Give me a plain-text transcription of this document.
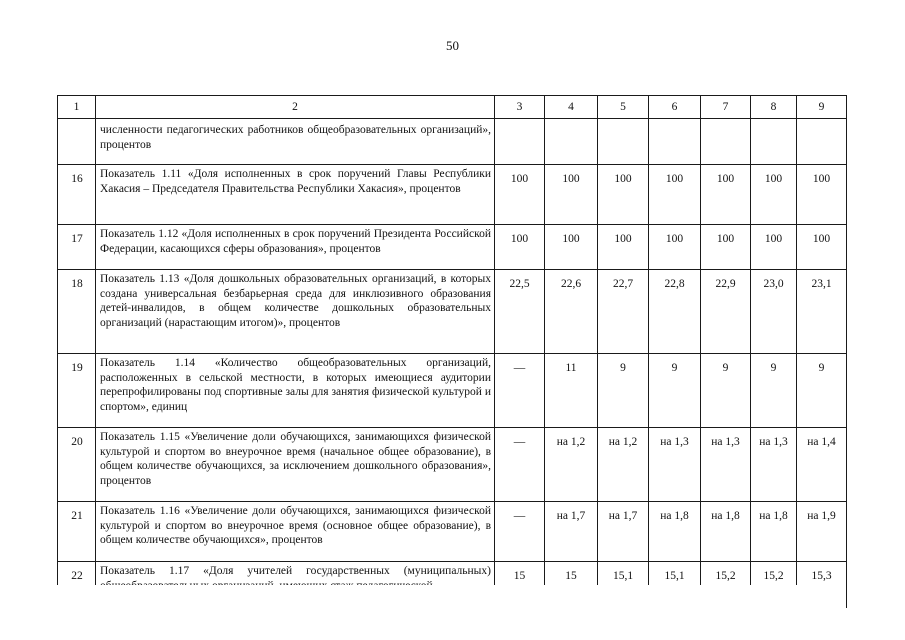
50
1	2	3	4	5	6	7	8	9
	численности педагогических работников общеобразовательных организаций», процентов							
16	Показатель 1.11 «Доля исполненных в срок поручений Главы Республики Хакасия – Председателя Правительства Республики Хакасия», процентов	100	100	100	100	100	100	100
17	Показатель 1.12 «Доля исполненных в срок поручений Президента Российской Федерации, касающихся сферы образования», процентов	100	100	100	100	100	100	100
18	Показатель 1.13 «Доля дошкольных образовательных организаций, в которых создана универсальная безбарьерная среда для инклюзивного образования детей-инвалидов, в общем количестве дошкольных образовательных организаций (нарастающим итогом)», процентов	22,5	22,6	22,7	22,8	22,9	23,0	23,1
19	Показатель 1.14 «Количество общеобразовательных организаций, расположенных в сельской местности, в которых имеющиеся аудитории перепрофилированы под спортивные залы для занятия физической культурой и спортом», единиц	—	11	9	9	9	9	9
20	Показатель 1.15 «Увеличение доли обучающихся, занимающихся физической культурой и спортом во внеурочное время (начальное общее образование), в общем количестве обучающихся, за исключением дошкольного образования», процентов	—	на 1,2	на 1,2	на 1,3	на 1,3	на 1,3	на 1,4
21	Показатель 1.16 «Увеличение доли обучающихся, занимающихся физической культурой и спортом во внеурочное время (основное общее образование), в общем количестве обучающихся», процентов	—	на 1,7	на 1,7	на 1,8	на 1,8	на 1,8	на 1,9
22	Показатель 1.17 «Доля учителей государственных (муниципальных)	15	15	15,1	15,1	15,2	15,2	15,3
